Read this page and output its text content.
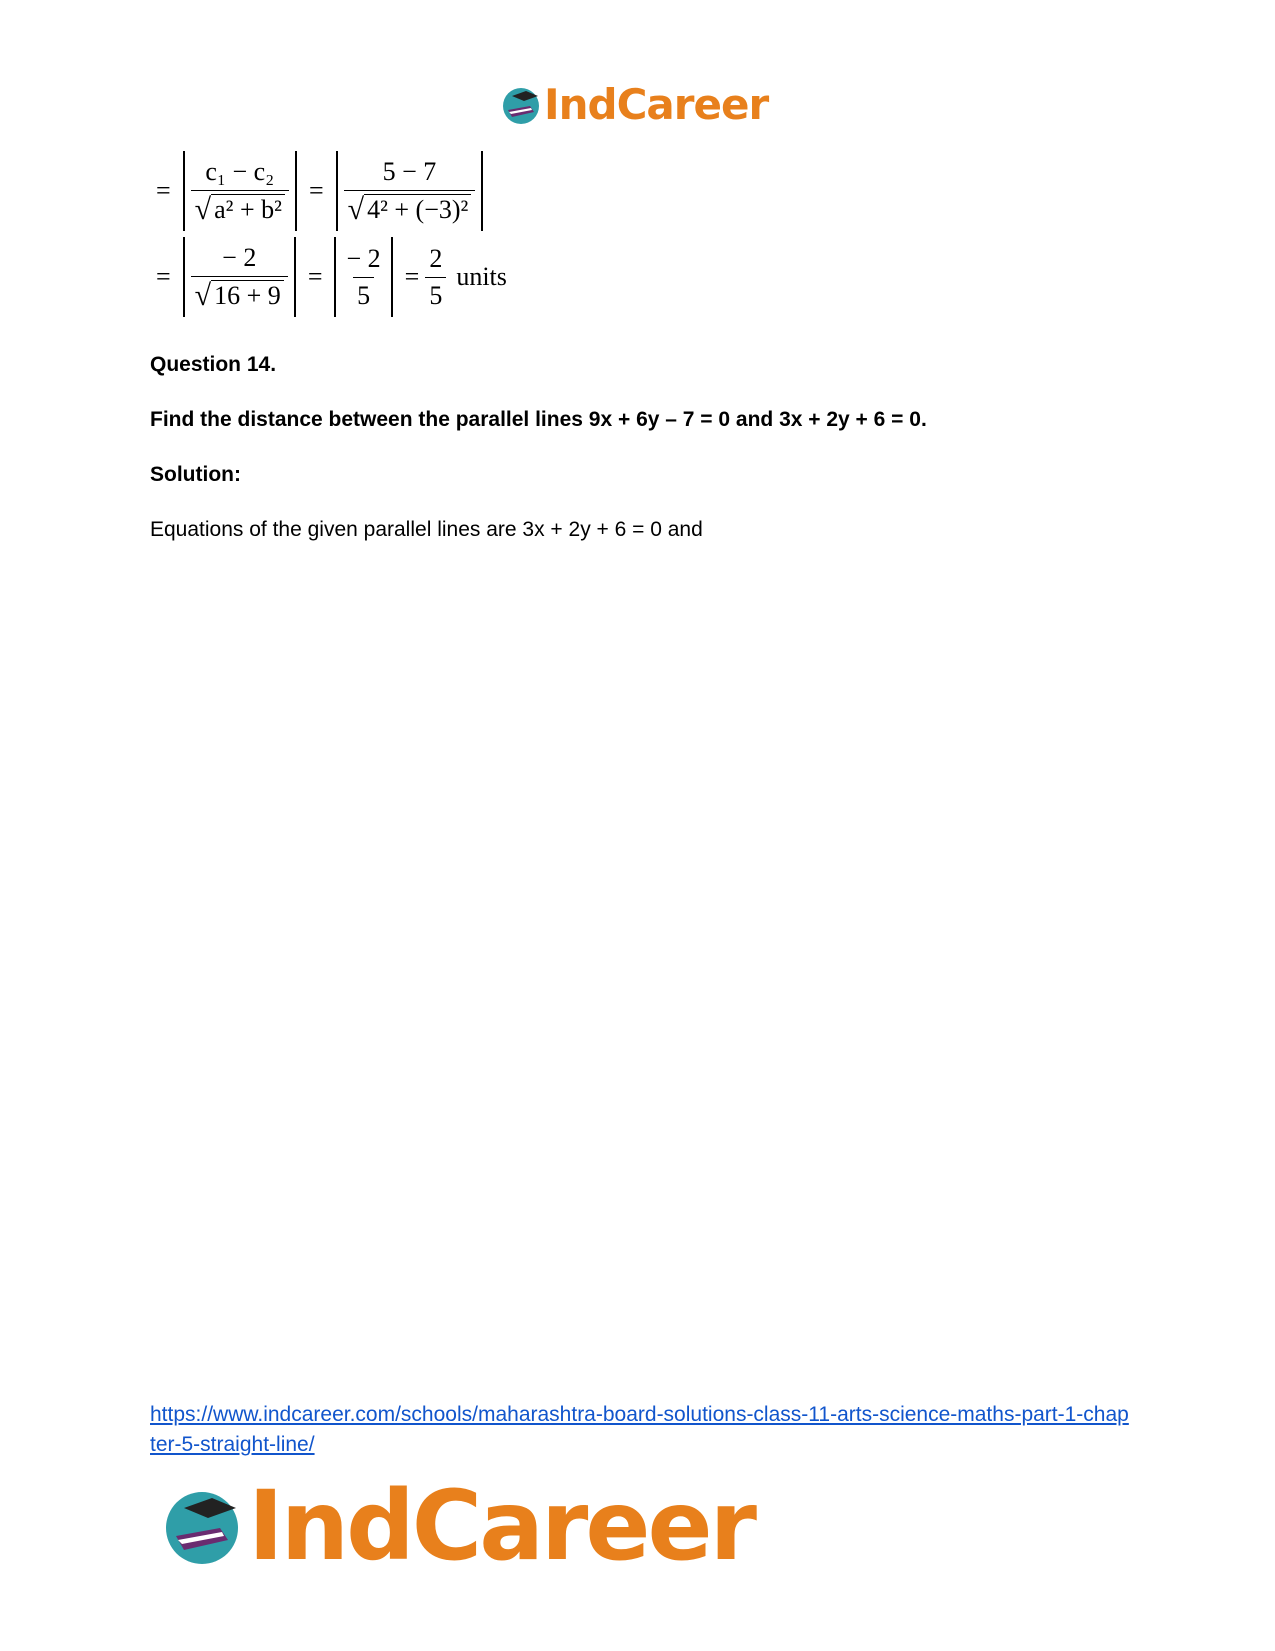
IndCareer
= $\frac{\text{c₁ − c₂}}{\text{√ a² + b²}} = \frac{5 - 7}{\text{√ 4² + (−3)²}}$
= $\frac{- 2}{√ 16 + 9} = \frac{- 2}{5} = \frac{2}{5}$ units
Question 14.
Find the distance between the parallel lines 9x + 6y – 7 = 0 and 3x + 2y + 6 = 0.
Solution:
Equations of the given parallel lines are 3x + 2y + 6 = 0 and
https://www.indcareer.com/schools/maharashtra-board-solutions-class-11-arts-science-maths-part-1-chapter-5-straight-line/
IndCareer
